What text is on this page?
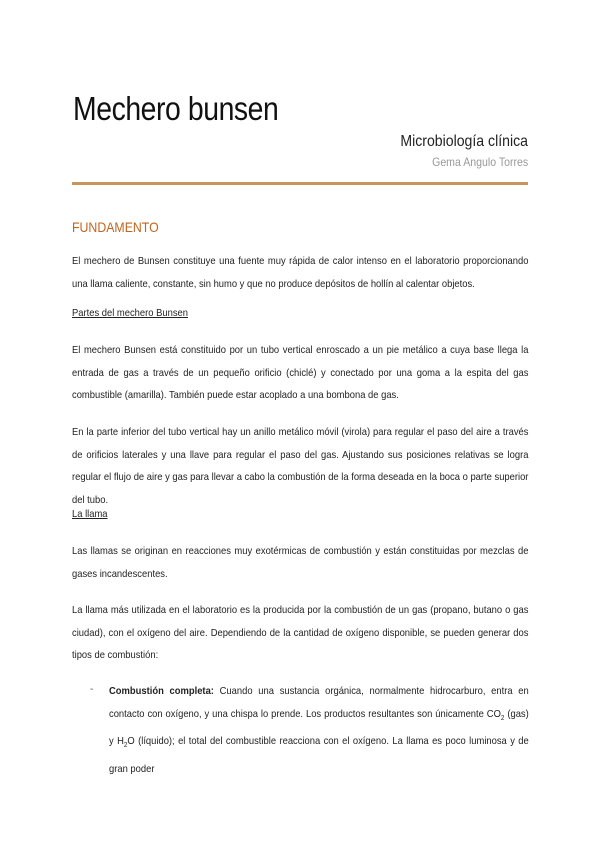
Mechero bunsen
Microbiología clínica
Gema Angulo Torres
FUNDAMENTO
El mechero de Bunsen constituye una fuente muy rápida de calor intenso en el laboratorio proporcionando una llama caliente, constante, sin humo y que no produce depósitos de hollín al calentar objetos.
Partes del mechero Bunsen
El mechero Bunsen está constituido por un tubo vertical enroscado a un pie metálico a cuya base llega la entrada de gas a través de un pequeño orificio (chiclé) y conectado por una goma a la espita del gas combustible (amarilla). También puede estar acoplado a una bombona de gas.
En la parte inferior del tubo vertical hay un anillo metálico móvil (virola) para regular el paso del aire a través de orificios laterales y una llave para regular el paso del gas. Ajustando sus posiciones relativas se logra regular el flujo de aire y gas para llevar a cabo la combustión de la forma deseada en la boca o parte superior del tubo.
La llama
Las llamas se originan en reacciones muy exotérmicas de combustión y están constituidas por mezclas de gases incandescentes.
La llama más utilizada en el laboratorio es la producida por la combustión de un gas (propano, butano o gas ciudad), con el oxígeno del aire. Dependiendo de la cantidad de oxígeno disponible, se pueden generar dos tipos de combustión:
- Combustión completa: Cuando una sustancia orgánica, normalmente hidrocarburo, entra en contacto con oxígeno, y una chispa lo prende. Los productos resultantes son únicamente $CO_2$ (gas) y $H_2O$ (líquido); el total del combustible reacciona con el oxígeno. La llama es poco luminosa y de gran poder
